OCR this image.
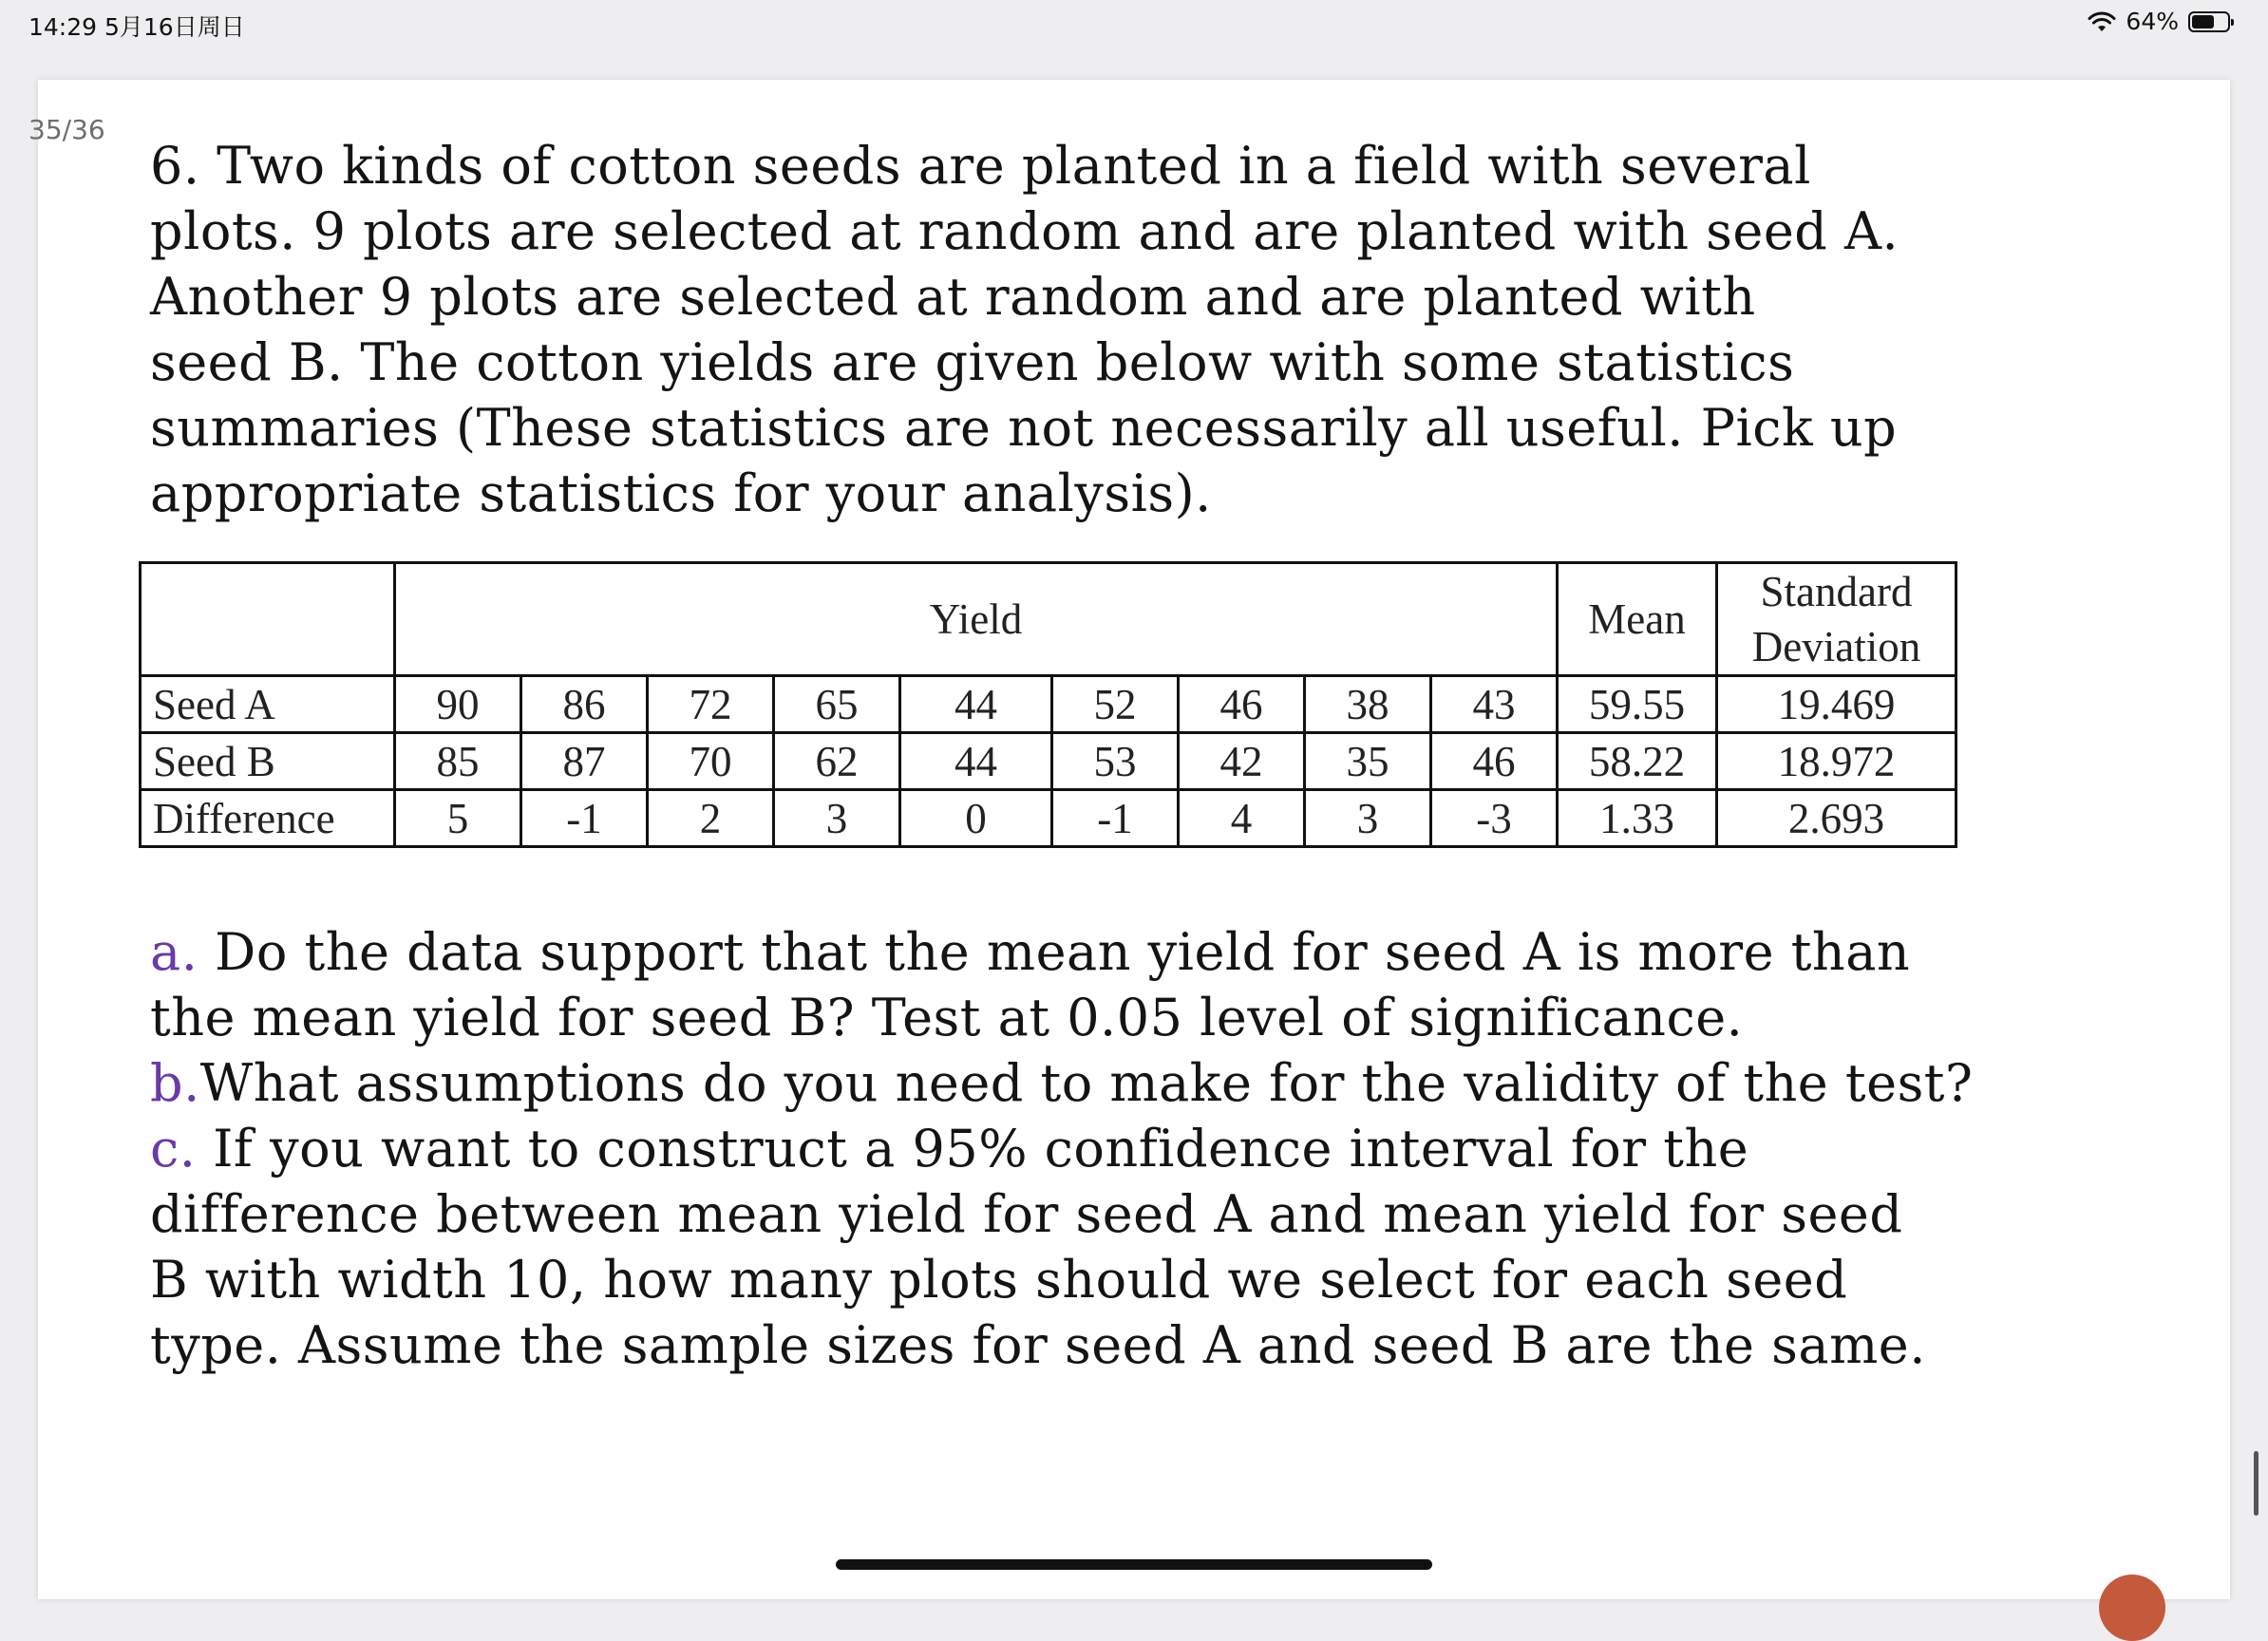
14:29 5月16日周日	64%
35/36

6. Two kinds of cotton seeds are planted in a field with several

plots. 9 plots are selected at random and are planted with seed A.

Another 9 plots are selected at random and are planted with

seed B. The cotton yields are given below with some statistics

summaries (These statistics are not necessarily all useful. Pick up

appropriate statistics for your analysis).

	Yield									Mean	Standard
Deviation
Seed A	90	86	72	65	44	52	46	38	43	59.55	19.469
Seed B	85	87	70	62	44	53	42	35	46	58.22	18.972
Difference	5	-1	2	3	0	-1	4	3	-3	1.33	2.693

a. Do the data support that the mean yield for seed A is more than

the mean yield for seed B? Test at 0.05 level of significance.

b.What assumptions do you need to make for the validity of the test?

c. If you want to construct a 95% confidence interval for the

difference between mean yield for seed A and mean yield for seed

B with width 10, how many plots should we select for each seed

type. Assume the sample sizes for seed A and seed B are the same.
